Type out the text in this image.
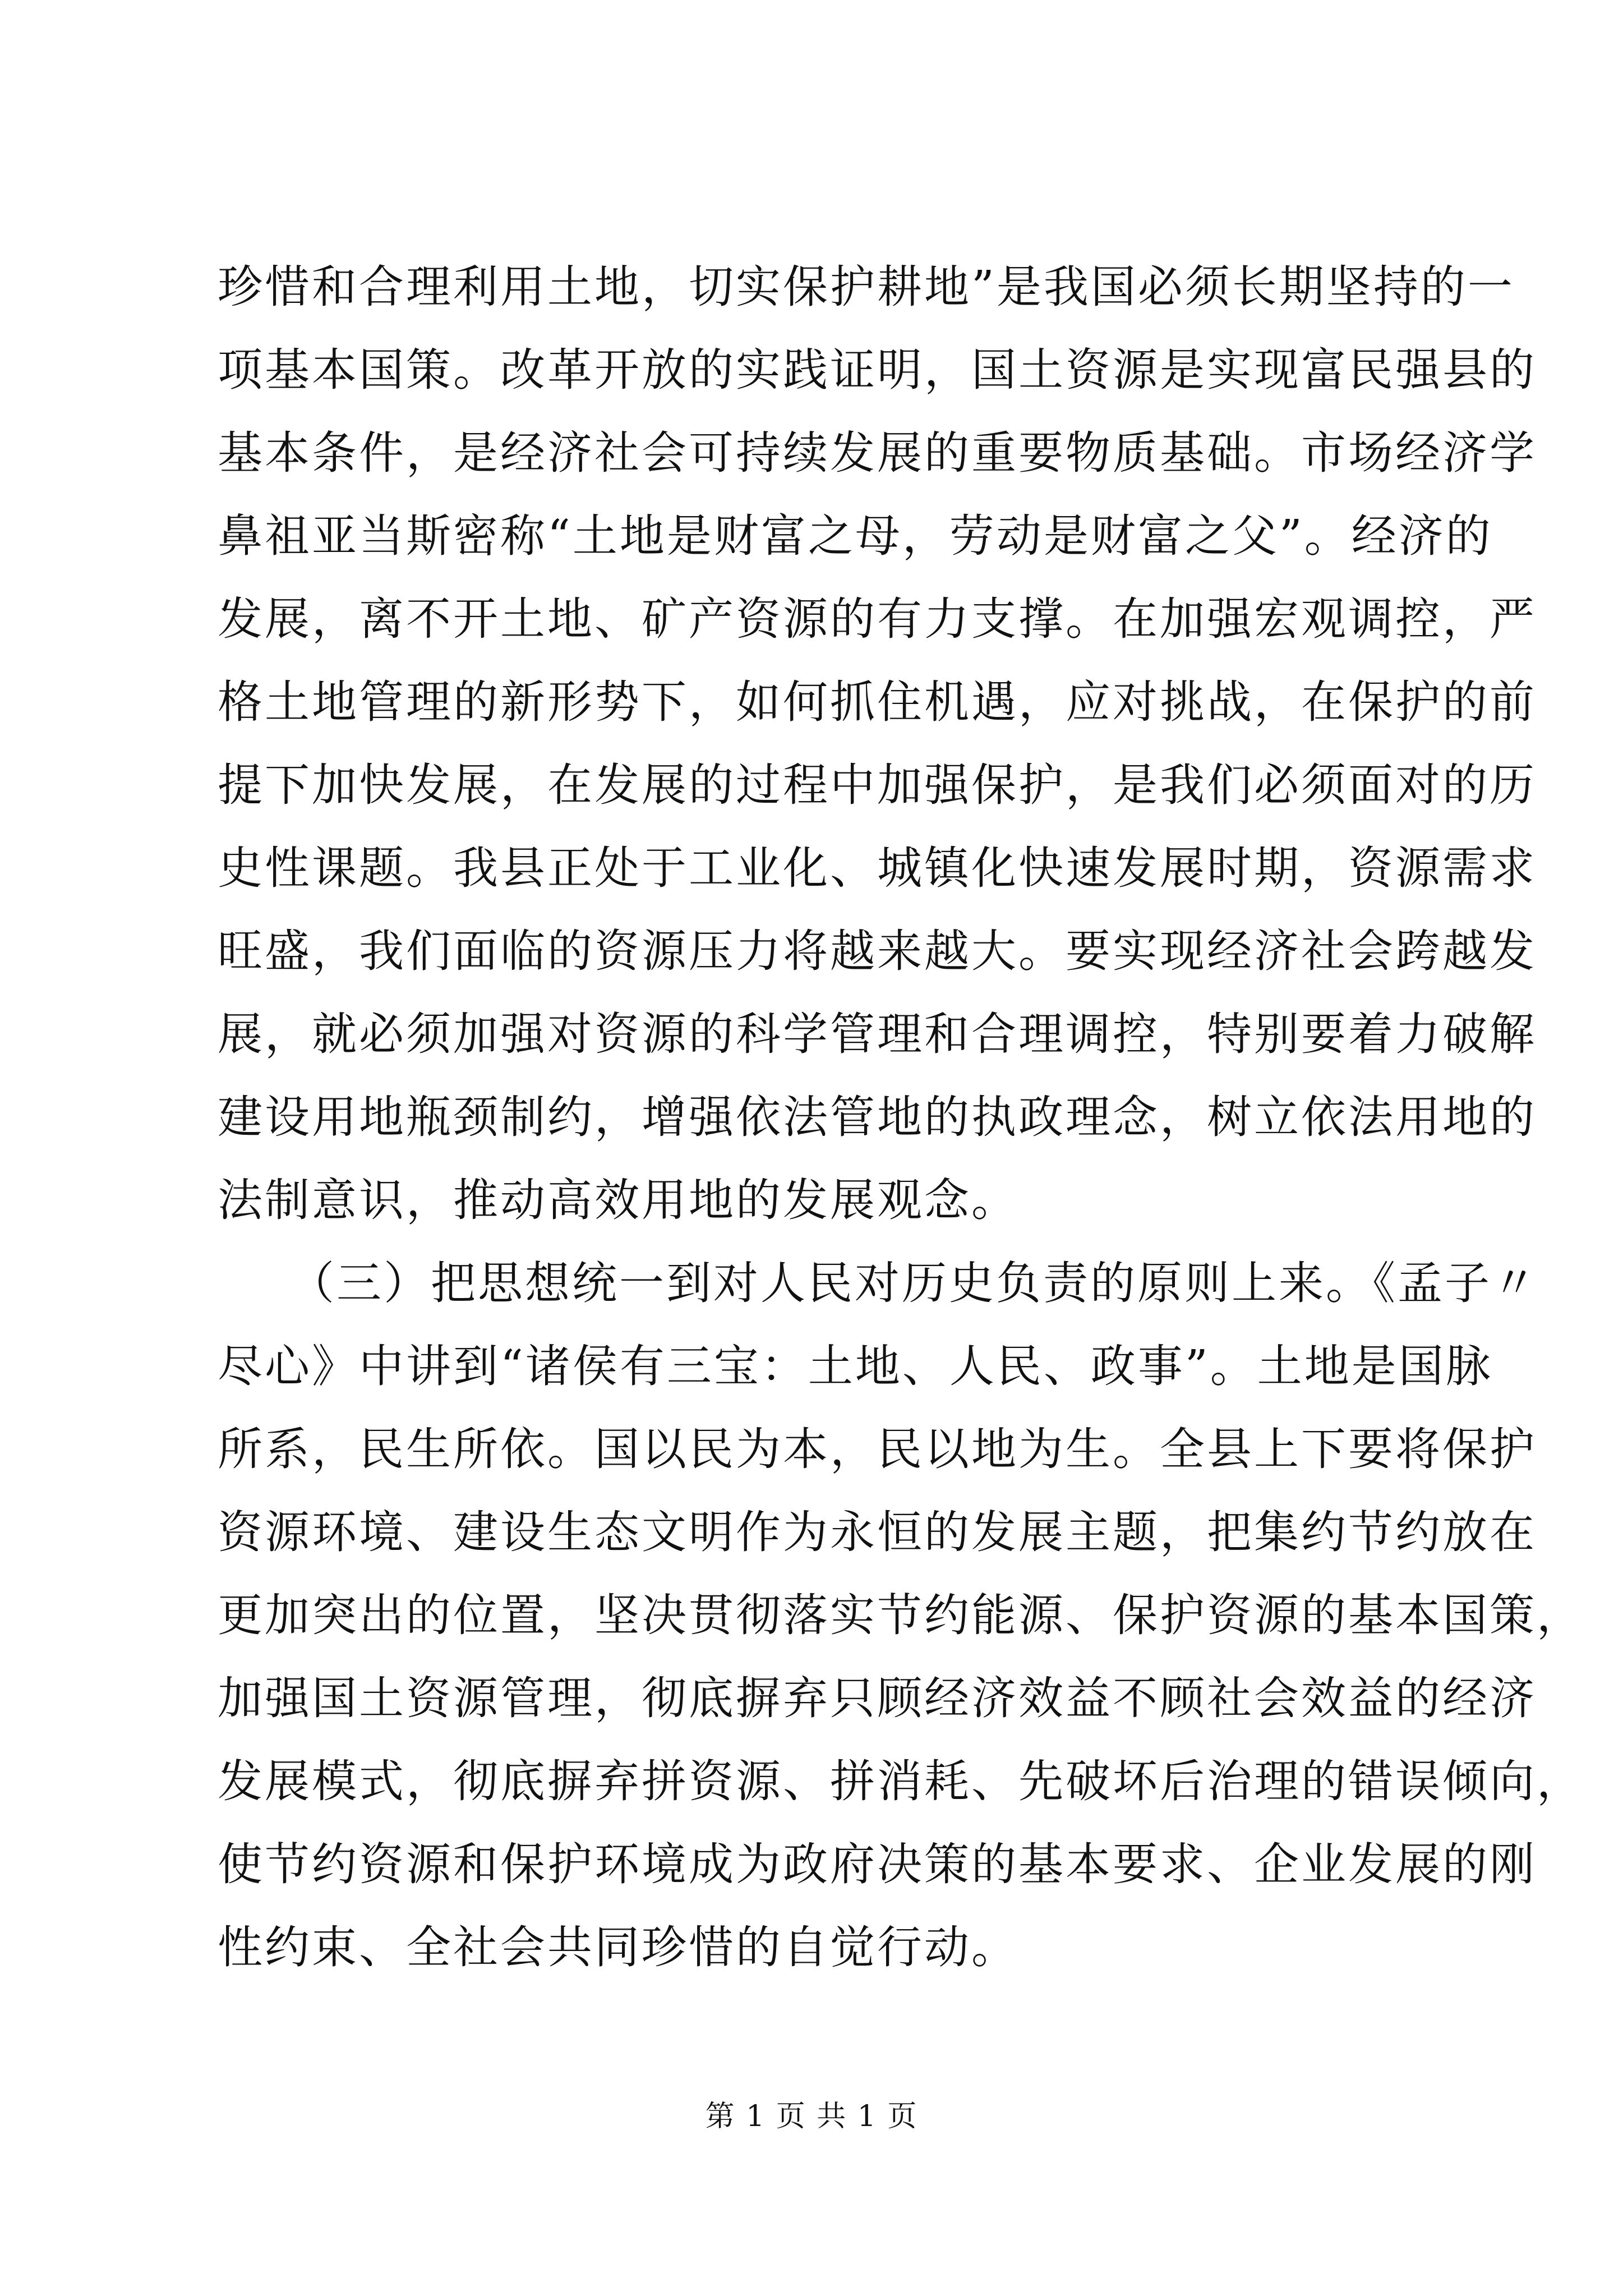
珍惜和合理利用土地，切实保护耕地”是我国必须长期坚持的一
项基本国策。改革开放的实践证明，国土资源是实现富民强县的
基本条件，是经济社会可持续发展的重要物质基础。市场经济学
鼻祖亚当斯密称“土地是财富之母，劳动是财富之父”。经济的
发展，离不开土地、矿产资源的有力支撑。在加强宏观调控，严
格土地管理的新形势下，如何抓住机遇，应对挑战，在保护的前
提下加快发展，在发展的过程中加强保护，是我们必须面对的历
史性课题。我县正处于工业化、城镇化快速发展时期，资源需求
旺盛，我们面临的资源压力将越来越大。要实现经济社会跨越发
展，就必须加强对资源的科学管理和合理调控，特别要着力破解
建设用地瓶颈制约，增强依法管地的执政理念，树立依法用地的
法制意识，推动高效用地的发展观念。
　　（三）把思想统一到对人民对历史负责的原则上来。《孟子〃
尽心》中讲到“诸侯有三宝：土地、人民、政事”。土地是国脉
所系，民生所依。国以民为本，民以地为生。全县上下要将保护
资源环境、建设生态文明作为永恒的发展主题，把集约节约放在
更加突出的位置，坚决贯彻落实节约能源、保护资源的基本国策，
加强国土资源管理，彻底摒弃只顾经济效益不顾社会效益的经济
发展模式，彻底摒弃拼资源、拼消耗、先破坏后治理的错误倾向，
使节约资源和保护环境成为政府决策的基本要求、企业发展的刚
性约束、全社会共同珍惜的自觉行动。
第 1 页 共 1 页
